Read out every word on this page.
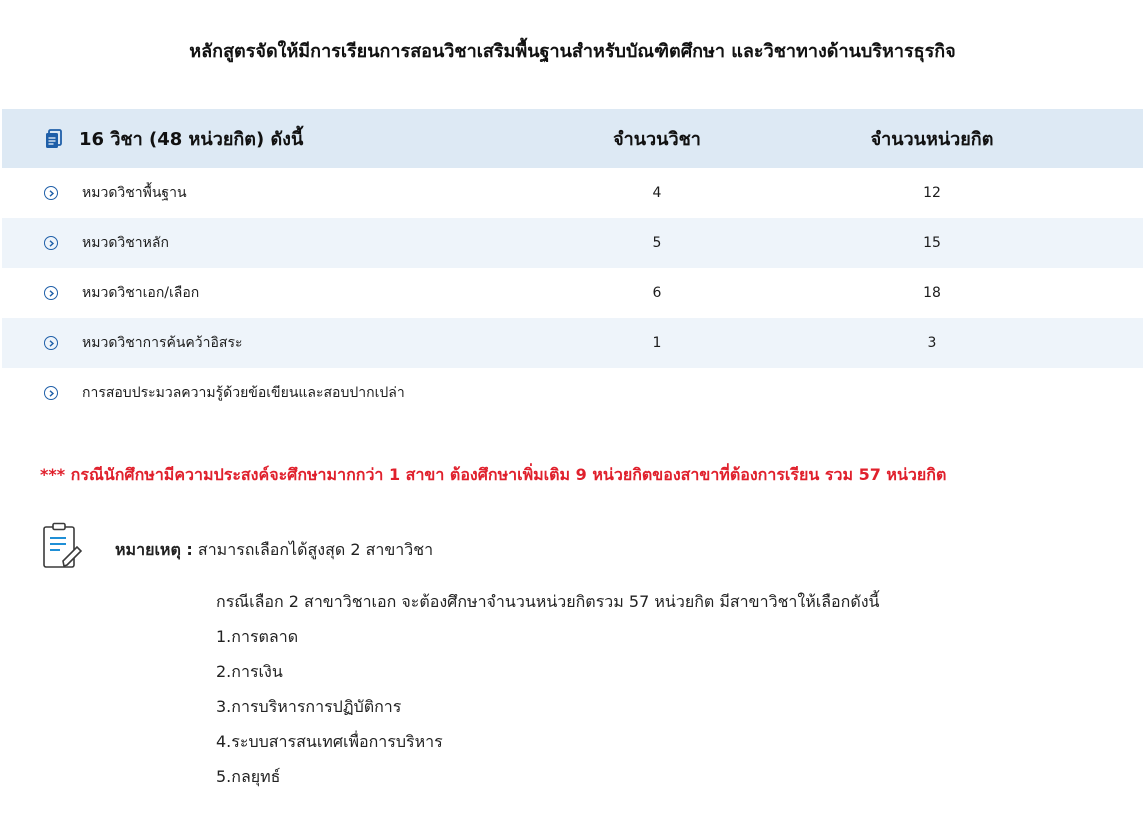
หลักสูตรจัดให้มีการเรียนการสอนวิชาเสริมพื้นฐานสำหรับบัณฑิตศึกษา และวิชาทางด้านบริหารธุรกิจ
16 วิชา (48 หน่วยกิต) ดังนี้	จำนวนวิชา	จำนวนหน่วยกิต
หมวดวิชาพื้นฐาน	4	12
หมวดวิชาหลัก	5	15
หมวดวิชาเอก/เลือก	6	18
หมวดวิชาการค้นคว้าอิสระ	1	3
การสอบประมวลความรู้ด้วยข้อเขียนและสอบปากเปล่า
*** กรณีนักศึกษามีความประสงค์จะศึกษามากกว่า 1 สาขา ต้องศึกษาเพิ่มเติม 9 หน่วยกิตของสาขาที่ต้องการเรียน รวม 57 หน่วยกิต
หมายเหตุ : สามารถเลือกได้สูงสุด 2 สาขาวิชา
กรณีเลือก 2 สาขาวิชาเอก จะต้องศึกษาจำนวนหน่วยกิตรวม 57 หน่วยกิต มีสาขาวิชาให้เลือกดังนี้
1.การตลาด
2.การเงิน
3.การบริหารการปฏิบัติการ
4.ระบบสารสนเทศเพื่อการบริหาร
5.กลยุทธ์
